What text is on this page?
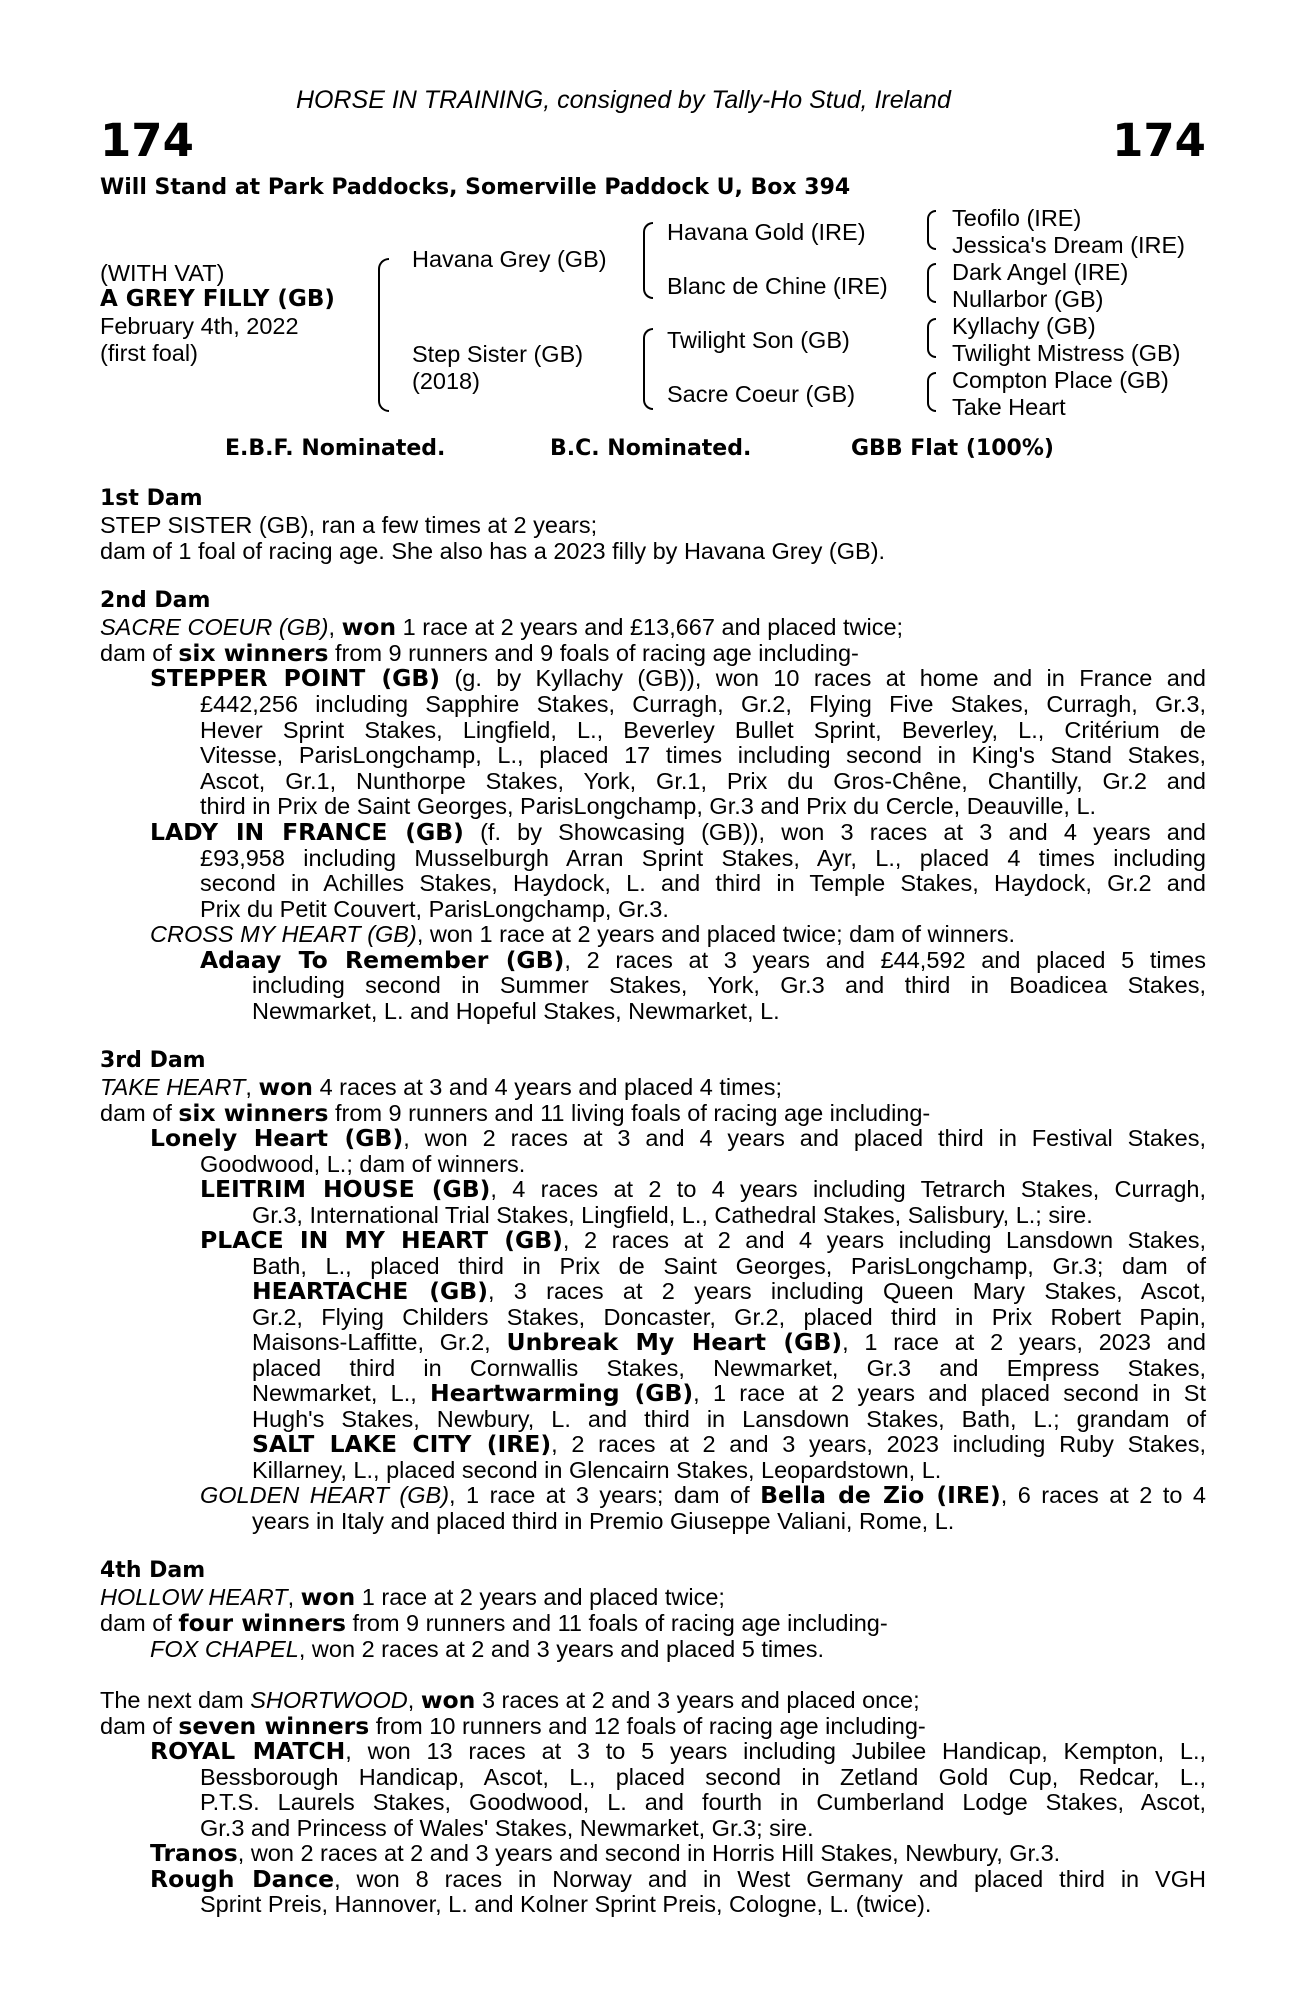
HORSE IN TRAINING, consigned by Tally-Ho Stud, Ireland
174	174
Will Stand at Park Paddocks, Somerville Paddock U, Box 394
(WITH VAT)
A GREY FILLY (GB)
February 4th, 2022
(first foal)
Havana Grey (GB)
Step Sister (GB)
(2018)
Havana Gold (IRE)
Blanc de Chine (IRE)
Twilight Son (GB)
Sacre Coeur (GB)
Teofilo (IRE)
Jessica's Dream (IRE)
Dark Angel (IRE)
Nullarbor (GB)
Kyllachy (GB)
Twilight Mistress (GB)
Compton Place (GB)
Take Heart
E.B.F. Nominated.	B.C. Nominated.	GBB Flat (100%)
1st Dam
STEP SISTER (GB), ran a few times at 2 years;
dam of 1 foal of racing age. She also has a 2023 filly by Havana Grey (GB).
2nd Dam
SACRE COEUR (GB), won 1 race at 2 years and £13,667 and placed twice;
dam of six winners from 9 runners and 9 foals of racing age including-
STEPPER POINT (GB) (g. by Kyllachy (GB)), won 10 races at home and in France and
£442,256 including Sapphire Stakes, Curragh, Gr.2, Flying Five Stakes, Curragh, Gr.3,
Hever Sprint Stakes, Lingfield, L., Beverley Bullet Sprint, Beverley, L., Critérium de
Vitesse, ParisLongchamp, L., placed 17 times including second in King's Stand Stakes,
Ascot, Gr.1, Nunthorpe Stakes, York, Gr.1, Prix du Gros-Chêne, Chantilly, Gr.2 and
third in Prix de Saint Georges, ParisLongchamp, Gr.3 and Prix du Cercle, Deauville, L.
LADY IN FRANCE (GB) (f. by Showcasing (GB)), won 3 races at 3 and 4 years and
£93,958 including Musselburgh Arran Sprint Stakes, Ayr, L., placed 4 times including
second in Achilles Stakes, Haydock, L. and third in Temple Stakes, Haydock, Gr.2 and
Prix du Petit Couvert, ParisLongchamp, Gr.3.
CROSS MY HEART (GB), won 1 race at 2 years and placed twice; dam of winners.
Adaay To Remember (GB), 2 races at 3 years and £44,592 and placed 5 times
including second in Summer Stakes, York, Gr.3 and third in Boadicea Stakes,
Newmarket, L. and Hopeful Stakes, Newmarket, L.
3rd Dam
TAKE HEART, won 4 races at 3 and 4 years and placed 4 times;
dam of six winners from 9 runners and 11 living foals of racing age including-
Lonely Heart (GB), won 2 races at 3 and 4 years and placed third in Festival Stakes,
Goodwood, L.; dam of winners.
LEITRIM HOUSE (GB), 4 races at 2 to 4 years including Tetrarch Stakes, Curragh,
Gr.3, International Trial Stakes, Lingfield, L., Cathedral Stakes, Salisbury, L.; sire.
PLACE IN MY HEART (GB), 2 races at 2 and 4 years including Lansdown Stakes,
Bath, L., placed third in Prix de Saint Georges, ParisLongchamp, Gr.3; dam of
HEARTACHE (GB), 3 races at 2 years including Queen Mary Stakes, Ascot,
Gr.2, Flying Childers Stakes, Doncaster, Gr.2, placed third in Prix Robert Papin,
Maisons-Laffitte, Gr.2, Unbreak My Heart (GB), 1 race at 2 years, 2023 and
placed third in Cornwallis Stakes, Newmarket, Gr.3 and Empress Stakes,
Newmarket, L., Heartwarming (GB), 1 race at 2 years and placed second in St
Hugh's Stakes, Newbury, L. and third in Lansdown Stakes, Bath, L.; grandam of
SALT LAKE CITY (IRE), 2 races at 2 and 3 years, 2023 including Ruby Stakes,
Killarney, L., placed second in Glencairn Stakes, Leopardstown, L.
GOLDEN HEART (GB), 1 race at 3 years; dam of Bella de Zio (IRE), 6 races at 2 to 4
years in Italy and placed third in Premio Giuseppe Valiani, Rome, L.
4th Dam
HOLLOW HEART, won 1 race at 2 years and placed twice;
dam of four winners from 9 runners and 11 foals of racing age including-
FOX CHAPEL, won 2 races at 2 and 3 years and placed 5 times.
The next dam SHORTWOOD, won 3 races at 2 and 3 years and placed once;
dam of seven winners from 10 runners and 12 foals of racing age including-
ROYAL MATCH, won 13 races at 3 to 5 years including Jubilee Handicap, Kempton, L.,
Bessborough Handicap, Ascot, L., placed second in Zetland Gold Cup, Redcar, L.,
P.T.S. Laurels Stakes, Goodwood, L. and fourth in Cumberland Lodge Stakes, Ascot,
Gr.3 and Princess of Wales' Stakes, Newmarket, Gr.3; sire.
Tranos, won 2 races at 2 and 3 years and second in Horris Hill Stakes, Newbury, Gr.3.
Rough Dance, won 8 races in Norway and in West Germany and placed third in VGH
Sprint Preis, Hannover, L. and Kolner Sprint Preis, Cologne, L. (twice).
